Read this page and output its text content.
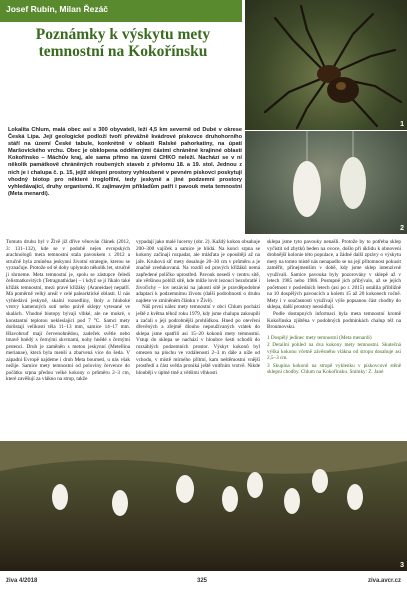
Josef Rubín, Milan Řezáč
Poznámky k výskytu mety temnostní na Kokořínsku
1
2

Lokalita Chlum, malá obec asi s 300 obyvateli, leží 4,5 km severně od Dubé v okrese Česká Lípa. Její geologické podloží tvoří převážně kvádrové pískovce druhohorního stáří na území České tabule, konkrétně v oblasti Ralské pahorkatiny, na úpatí Maršovického vrchu. Obec je obklopena oddělenými částmi chráněné krajinné oblasti Kokořínsko – Máchův kraj, ale sama přímo na území CHKO neleží. Nachází se v ní několik památkově chráněných roubených staveb z přelomu 18. a 19. stol. Jednou z nich je i chalupa č. p. 15, jejíž sklepní prostory vyhloubené v pevném pískovci poskytují vhodný biotop pro některé troglofilní, tedy jeskyně a jiné podzemní prostory vyhledávající, druhy organismů. K zajímavým příkladům patří i pavouk meta temnostní (Meta menardi).

Tomuto druhu byl v Živě již dříve věnován článek (2012, 3: 131–132), kde se v podobě nejen evropských arachnologů meta temnostní stala pavoukem r. 2012 a stručně byla zmíněna jeskynní životní strategie, kterou se vyznačuje. Protože od té doby uplynulo několik let, stručně ji shrneme. Meta temnostní je, spolu se zástupce čeledi čelistnatkovitých (Tetragnathidae) – i když se ji říkalo také křižák temnostní, mezi pravé křižáky (Araneidae) nepatří. Má poměrně velký areál v celé palearktické oblasti. U nás vyhledává jeskyně, skalní rozsedliny, štoly a hluboké vrstvy kamenných sutí nebo právě sklepy vytesané ve skalách. Vhodné biotopy bývají vlhké, ale ne mokré, s konstantní teplotou nekleslající pod 7 °C. Samci mety dorůstají velikosti těla 11–13 mm, samice 14–17 mm. Hlavohruď mají červenohnědou, zadeček světle nebo tmavě hnědý s černými skvrnami, nohy hnědé s černými prstenci. Druh je zaměněn s metou jeskynní (Metellina merianae), která byla menší a zbarvená více do šeda. V západní Evropě najdeme i druh Meta bourneti, u nás však nežije. Samice mety temnostní od poloviny července do počátku srpna předou velké kokony o průměru 2–3 cm, které zavěšují za vlákno na strop, takže

vypadají jako malé lucerny (obr. 2). Každý kokon obsahuje 200–300 vajíček a samice je hlídá. Na konci srpna se kokony začínají rozpadat, ale mláďata je opouštějí až na jaře. Kruhová síť mety dosahuje 20–30 cm v průměru a je značně zredukovaná. Na rozdíl od pravých křižáků nemá zapředené políčko uprostřed. Pavouk nesedí v centru sítě, ale většinou poblíž sítě, kde může lovit lezoucí bezobratlé i živočichy – lov nezávisí na jakosti sítě je pravděpodobné adaptací k podzemnímu životu (další podrobnosti o druhu najdete ve zmíněném článku v Živě).

Náš první nález mety temnostní v obci Chlum pochází ještě z května téhož roku 1979, kdy jsme chalupu zakoupili a začali s její podrobnější prohlídkou. Hned po otevření dřevěných a zřejmě dlouho nepoužívaných vrátek do sklepa jsme spatřili asi 15–20 kokonů mety temnostní. Vstup do sklepa se nachází v hloubce šesti schodů do rozsáhlých podzemních prostor. Výskyt kokonů byl omezen na plochu ve vzdálenosti 2–3 m dále a níže od vchodu, v místě mírného přítmí, kam neštěmostní vnější prostředí a část světla proniká ještě vnitřním vrstvě. Nikde hlouběji v úplné tmě a většími vlhkosti

sklepa jsme tyto pavouky nenašli. Protože by to potřeba sklep vyčistit od zbytků beden na ovoce, došlo při úklidu k obnovení drobnější kolonie této populace, a žádné další zprávy o výskytu mety na tomto místě nás nenapadlo se na její přítomnost pokusit zaměřit, přinejmenším v době, kdy jsme sklep intenzivně využívali. Samice pavouka byly pozorovány v sklepě až v letech 1985 nebo 1986. Postupně jich přibývalo, až se jejich početnost v posledních letech (asi po r. 2015) ustálila přibližně na 10 dospělých pavoucích a kolem 15 až 20 kokonech ročně. Mety i v současnosti využívají výše popsanou část chodby do sklepa, další prostory neosidlují.

Podle dostupných informací byla meta temnostní kromě Kokořínska zjištěna v podobných podmínkách chalup též na Broumovsku.

1 Dospělý jedinec mety temnostní (Meta menardi)

2 Detailní pohled na dva kokony mety temnostní. Skutečná výška kokonu včetně závěsného vlákna od stropu dosahuje asi 2,5–3 cm.

3 Skupina kokonů na stropě vyklenku v pískovcové stěně sklepní chodby. Chlum na Kokořínsku. Snímky: Z. Jané

3
živa 4/2018	325	ziva.avcr.cz
